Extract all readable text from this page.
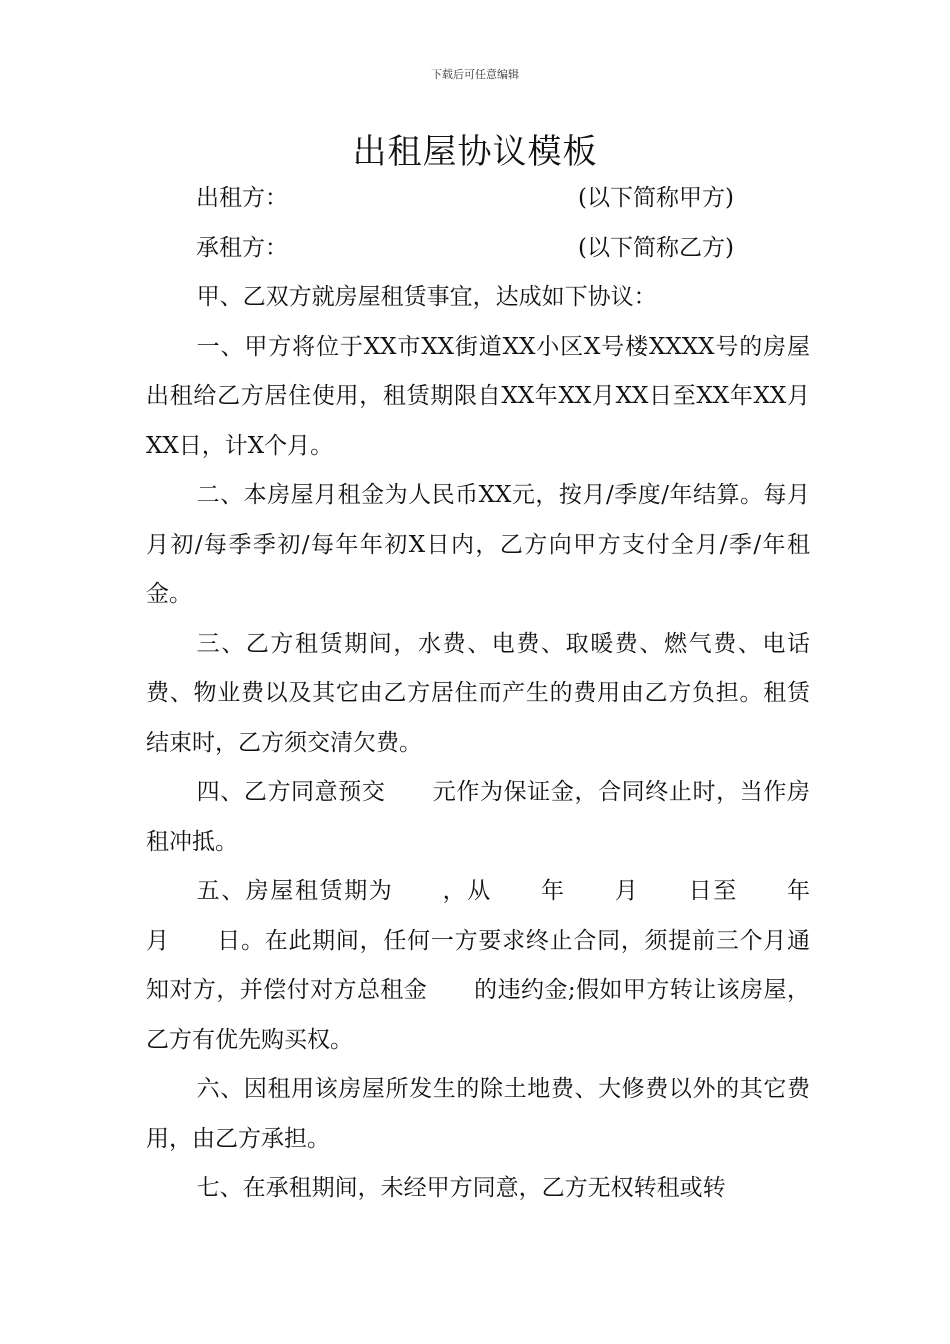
下载后可任意编辑
出租屋协议模板
出租方：	(以下简称甲方)
承租方：	(以下简称乙方)

甲、乙双方就房屋租赁事宜，达成如下协议：

一、甲方将位于XX市XX街道XX小区X号楼XXXX号的房屋出租给乙方居住使用，租赁期限自XX年XX月XX日至XX年XX月XX日，计X个月。

二、本房屋月租金为人民币XX元，按月/季度/年结算。每月月初/每季季初/每年年初X日内，乙方向甲方支付全月/季/年租金。

三、乙方租赁期间，水费、电费、取暖费、燃气费、电话费、物业费以及其它由乙方居住而产生的费用由乙方负担。租赁结束时，乙方须交清欠费。

四、乙方同意预交　　元作为保证金，合同终止时，当作房租冲抵。

五、房屋租赁期为　　，从　　年　　月　　日至　　年　月　　日。在此期间，任何一方要求终止合同，须提前三个月通知对方，并偿付对方总租金　　的违约金;假如甲方转让该房屋，乙方有优先购买权。

六、因租用该房屋所发生的除土地费、大修费以外的其它费用，由乙方承担。

七、在承租期间，未经甲方同意，乙方无权转租或转
